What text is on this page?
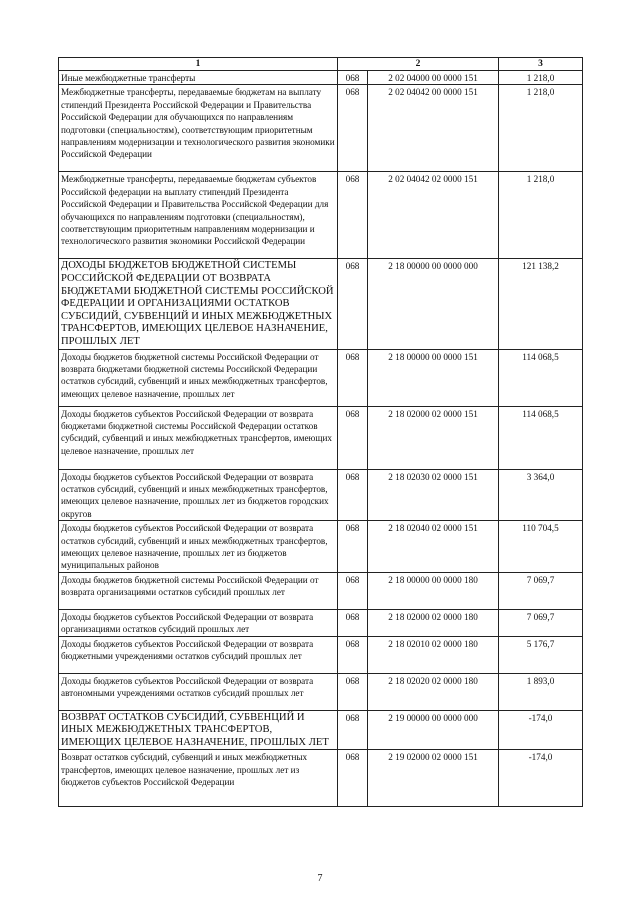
1	2		3
Иные межбюджетные трансферты	068	2 02 04000 00 0000 151	1 218,0
Межбюджетные трансферты, передаваемые бюджетам на выплату стипендий Президента Российской Федерации и Правительства Российской Федерации для обучающихся по направлениям подготовки (специальностям), соответствующим приоритетным направлениям модернизации и технологического развития экономики Российской Федерации	068	2 02 04042 00 0000 151	1 218,0
Межбюджетные трансферты, передаваемые бюджетам субъектов Российской федерации на выплату стипендий Президента Российской Федерации и Правительства Российской Федерации для обучающихся по направлениям подготовки (специальностям), соответствующим приоритетным направлениям модернизации и технологического развития экономики Российской Федерации	068	2 02 04042 02 0000 151	1 218,0
ДОХОДЫ БЮДЖЕТОВ БЮДЖЕТНОЙ СИСТЕМЫ РОССИЙСКОЙ ФЕДЕРАЦИИ ОТ ВОЗВРАТА БЮДЖЕТАМИ БЮДЖЕТНОЙ СИСТЕМЫ РОССИЙСКОЙ ФЕДЕРАЦИИ И ОРГАНИЗАЦИЯМИ ОСТАТКОВ СУБСИДИЙ, СУБВЕНЦИЙ И ИНЫХ МЕЖБЮДЖЕТНЫХ ТРАНСФЕРТОВ, ИМЕЮЩИХ ЦЕЛЕВОЕ НАЗНАЧЕНИЕ, ПРОШЛЫХ ЛЕТ	068	2 18 00000 00 0000 000	121 138,2
Доходы бюджетов бюджетной системы Российской Федерации от возврата бюджетами бюджетной системы Российской Федерации остатков субсидий, субвенций и иных межбюджетных трансфертов, имеющих целевое назначение, прошлых лет	068	2 18 00000 00 0000 151	114 068,5
Доходы бюджетов субъектов Российской Федерации от возврата бюджетами бюджетной системы Российской Федерации остатков субсидий, субвенций и иных межбюджетных трансфертов, имеющих целевое назначение, прошлых лет	068	2 18 02000 02 0000 151	114 068,5
Доходы бюджетов субъектов Российской Федерации от возврата остатков субсидий, субвенций и иных межбюджетных трансфертов, имеющих целевое назначение, прошлых лет из бюджетов городских округов	068	2 18 02030 02 0000 151	3 364,0
Доходы бюджетов субъектов Российской Федерации от возврата остатков субсидий, субвенций и иных межбюджетных трансфертов, имеющих целевое назначение, прошлых лет из бюджетов муниципальных районов	068	2 18 02040 02 0000 151	110 704,5
Доходы бюджетов бюджетной системы Российской Федерации от возврата организациями остатков субсидий прошлых лет	068	2 18 00000 00 0000 180	7 069,7
Доходы бюджетов субъектов Российской Федерации от возврата организациями остатков субсидий прошлых лет	068	2 18 02000 02 0000 180	7 069,7
Доходы бюджетов субъектов Российской Федерации от возврата бюджетными учреждениями остатков субсидий прошлых лет	068	2 18 02010 02 0000 180	5 176,7
Доходы бюджетов субъектов Российской Федерации от возврата автономными учреждениями остатков субсидий прошлых лет	068	2 18 02020 02 0000 180	1 893,0
ВОЗВРАТ ОСТАТКОВ СУБСИДИЙ, СУБВЕНЦИЙ И ИНЫХ МЕЖБЮДЖЕТНЫХ ТРАНСФЕРТОВ, ИМЕЮЩИХ ЦЕЛЕВОЕ НАЗНАЧЕНИЕ, ПРОШЛЫХ ЛЕТ	068	2 19 00000 00 0000 000	-174,0
Возврат остатков субсидий, субвенций и иных межбюджетных трансфертов, имеющих целевое назначение, прошлых лет из бюджетов субъектов Российской Федерации	068	2 19 02000 02 0000 151	-174,0
7
